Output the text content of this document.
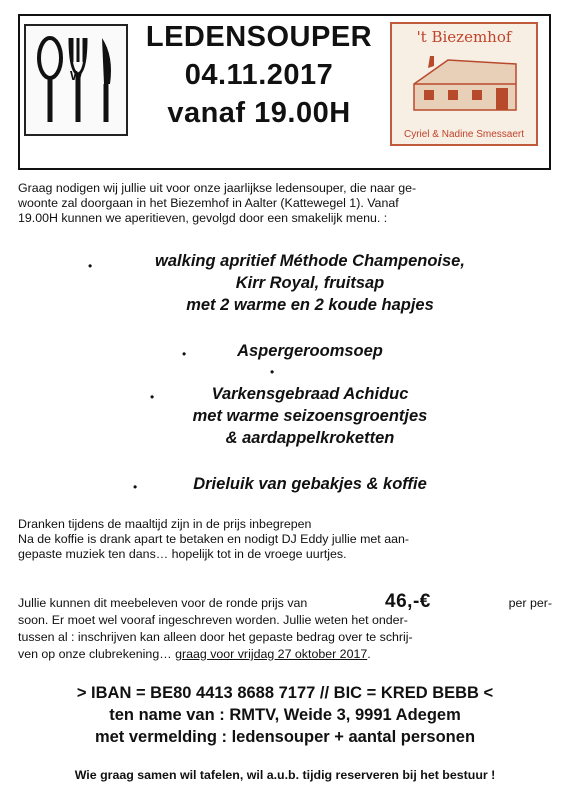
W
LEDENSOUPER
04.11.2017
vanaf 19.00H
't Biezemhof
Cyriel & Nadine Smessaert
Graag nodigen wij jullie uit voor onze jaarlijkse ledensouper, die naar ge-
woonte zal doorgaan in het Biezemhof in Aalter (Kattewegel 1). Vanaf
19.00H kunnen we aperitieven, gevolgd door een smakelijk menu. :
•	walking apritief Méthode Champenoise,
Kirr Royal, fruitsap
met 2 warme en 2 koude hapjes
•	Aspergeroomsoep
•
•	Varkensgebraad Achiduc
met warme seizoensgroentjes
& aardappelkroketten
•	Drieluik van gebakjes & koffie
Dranken tijdens de maaltijd zijn in de prijs inbegrepen
Na de koffie is drank apart te betaken en nodigt DJ Eddy jullie met aan-
gepaste muziek ten dans… hopelijk tot in de vroege uurtjes.
Jullie kunnen dit meebeleven voor de ronde prijs van	46,-€	per per-
soon. Er moet wel vooraf ingeschreven worden. Jullie weten het onder-
tussen al : inschrijven kan alleen door het gepaste bedrag over te schrij-
ven op onze clubrekening… graag voor vrijdag 27 oktober 2017.
> IBAN = BE80 4413 8688 7177 // BIC = KRED BEBB <
ten name van : RMTV, Weide 3, 9991 Adegem
met vermelding : ledensouper + aantal personen
Wie graag samen wil tafelen, wil a.u.b. tijdig reserveren bij het bestuur !
